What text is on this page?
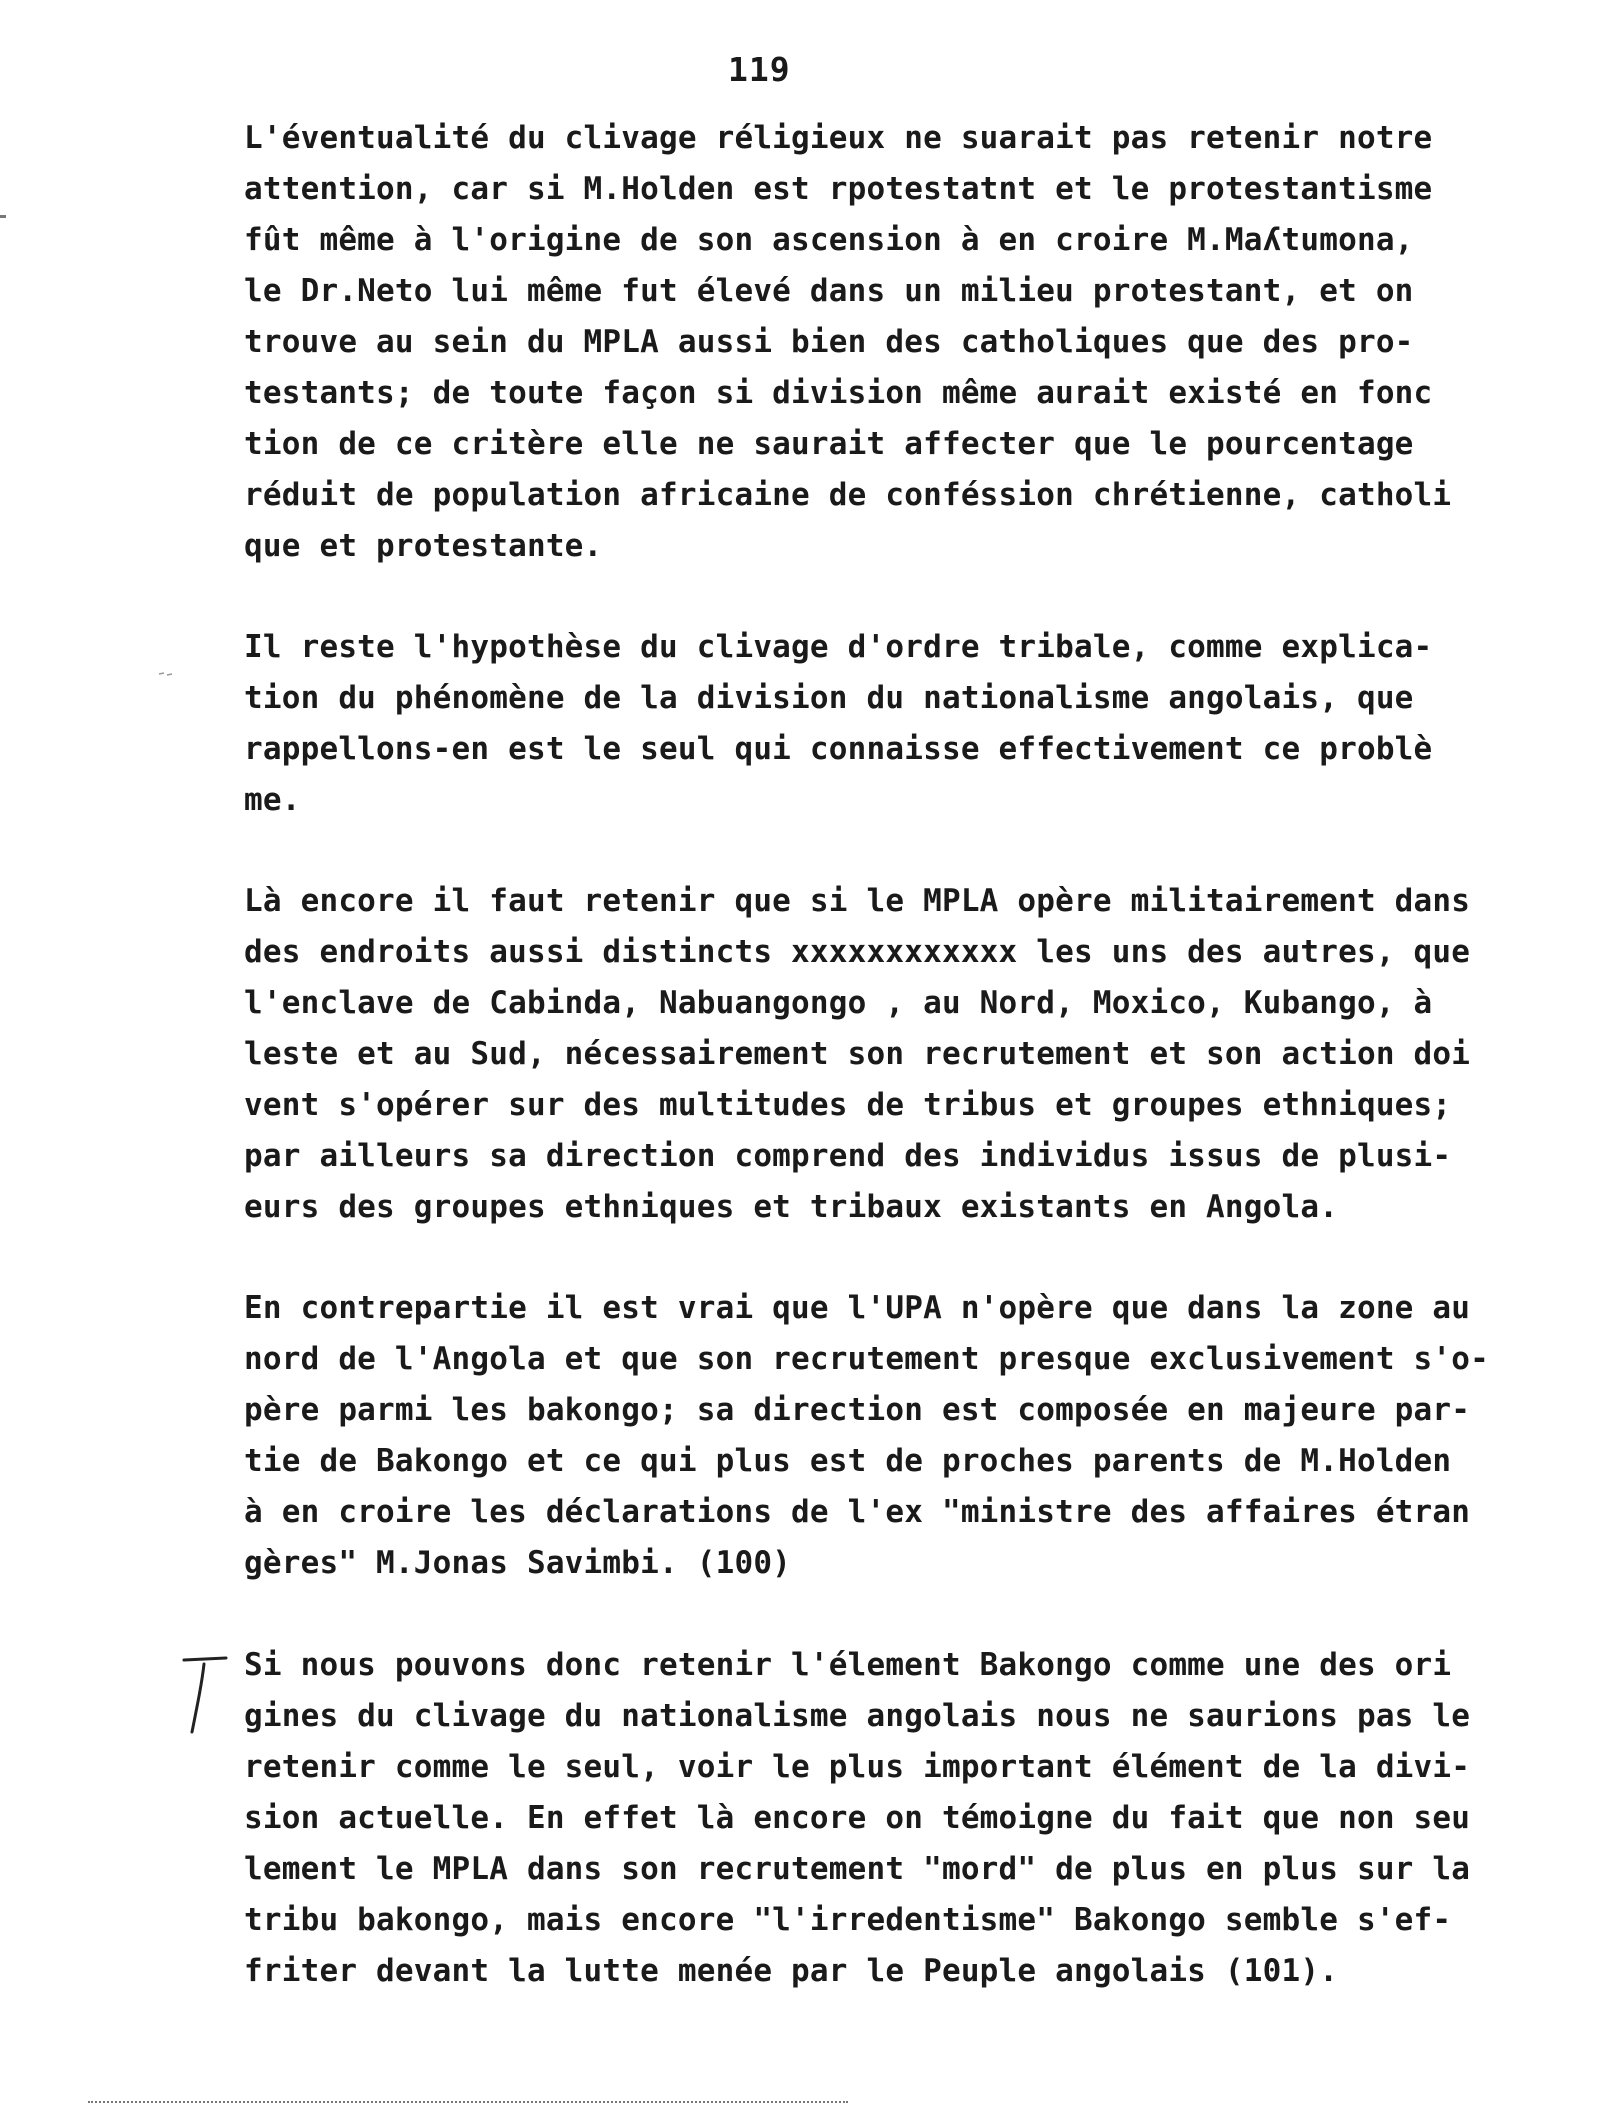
119
L'éventualité du clivage réligieux ne suarait pas retenir notre
attention, car si M.Holden est rpotestatnt et le protestantisme
fût même à l'origine de son ascension à en croire M.Maʎtumona,
le Dr.Neto lui même fut élevé dans un milieu protestant, et on
trouve au sein du MPLA aussi bien des catholiques que des pro-
testants; de toute façon si division même aurait existé en fonc
tion de ce critère elle ne saurait affecter que le pourcentage
réduit de population africaine de conféssion chrétienne, catholi
que et protestante.
Il reste l'hypothèse du clivage d'ordre tribale, comme explica-
tion du phénomène de la division du nationalisme angolais, que
rappellons-en est le seul qui connaisse effectivement ce problè
me.
Là encore il faut retenir que si le MPLA opère militairement dans
des endroits aussi distincts xxxxxxxxxxxx les uns des autres, que
l'enclave de Cabinda, Nabuangongo , au Nord, Moxico, Kubango, à
leste et au Sud, nécessairement son recrutement et son action doi
vent s'opérer sur des multitudes de tribus et groupes ethniques;
par ailleurs sa direction comprend des individus issus de plusi-
eurs des groupes ethniques et tribaux existants en Angola.
En contrepartie il est vrai que l'UPA n'opère que dans la zone au
nord de l'Angola et que son recrutement presque exclusivement s'o-
père parmi les bakongo; sa direction est composée en majeure par-
tie de Bakongo et ce qui plus est de proches parents de M.Holden
à en croire les déclarations de l'ex "ministre des affaires étran
gères" M.Jonas Savimbi. (100)
Si nous pouvons donc retenir l'élement Bakongo comme une des ori
gines du clivage du nationalisme angolais nous ne saurions pas le
retenir comme le seul, voir le plus important élément de la divi-
sion actuelle. En effet là encore on témoigne du fait que non seu
lement le MPLA dans son recrutement "mord" de plus en plus sur la
tribu bakongo, mais encore "l'irredentisme" Bakongo semble s'ef-
friter devant la lutte menée par le Peuple angolais (101).
